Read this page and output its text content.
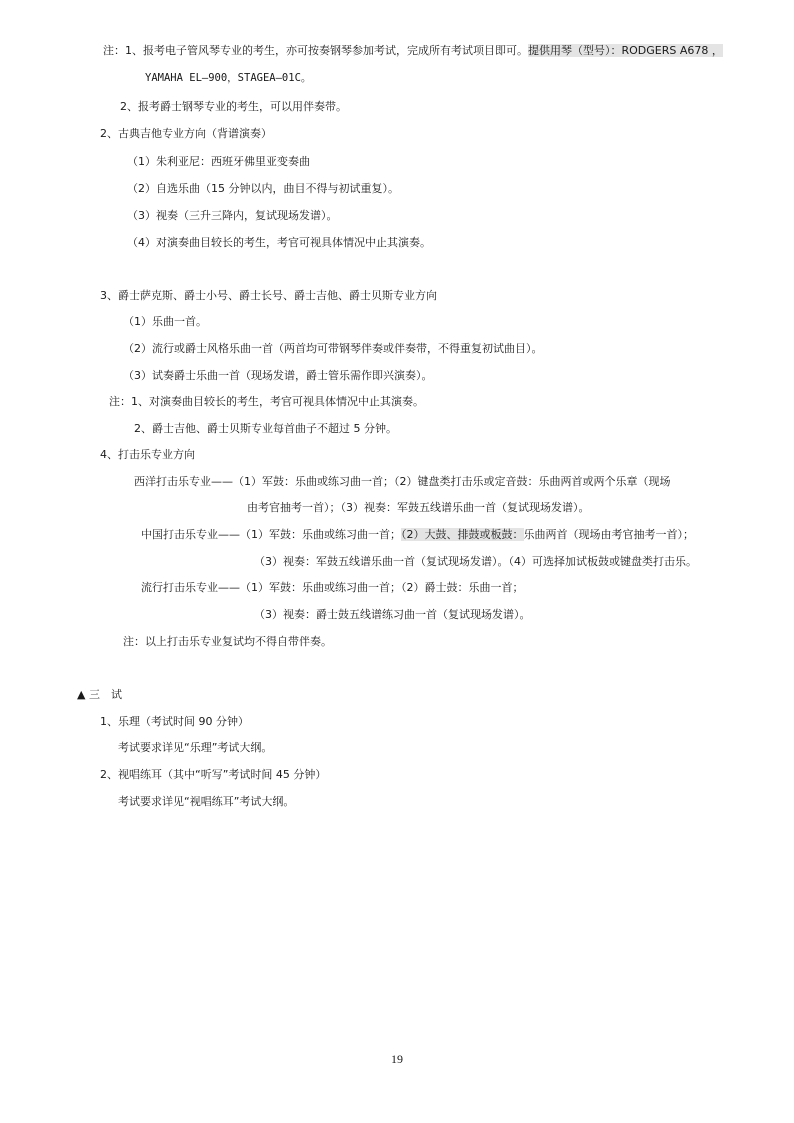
注：1、报考电子管风琴专业的考生，亦可按奏钢琴参加考试，完成所有考试项目即可。提供用琴（型号）：RODGERS A678 ，
YAMAHA EL—900，STAGEA—01C。
2、报考爵士钢琴专业的考生，可以用伴奏带。
2、古典吉他专业方向（背谱演奏）
（1）朱利亚尼：西班牙佛里亚变奏曲
（2）自选乐曲（15 分钟以内，曲目不得与初试重复）。
（3）视奏（三升三降内，复试现场发谱）。
（4）对演奏曲目较长的考生，考官可视具体情况中止其演奏。
3、爵士萨克斯、爵士小号、爵士长号、爵士吉他、爵士贝斯专业方向
（1）乐曲一首。
（2）流行或爵士风格乐曲一首（两首均可带钢琴伴奏或伴奏带，不得重复初试曲目）。
（3）试奏爵士乐曲一首（现场发谱，爵士管乐需作即兴演奏）。
注：1、对演奏曲目较长的考生，考官可视具体情况中止其演奏。
2、爵士吉他、爵士贝斯专业每首曲子不超过 5 分钟。
4、打击乐专业方向
西洋打击乐专业——（1）军鼓：乐曲或练习曲一首；（2）键盘类打击乐或定音鼓：乐曲两首或两个乐章（现场
由考官抽考一首）；（3）视奏：军鼓五线谱乐曲一首（复试现场发谱）。
中国打击乐专业——（1）军鼓：乐曲或练习曲一首；（2）大鼓、排鼓或板鼓：乐曲两首（现场由考官抽考一首）；
（3）视奏：军鼓五线谱乐曲一首（复试现场发谱）。（4）可选择加试板鼓或键盘类打击乐。
流行打击乐专业——（1）军鼓：乐曲或练习曲一首；（2）爵士鼓：乐曲一首；
（3）视奏：爵士鼓五线谱练习曲一首（复试现场发谱）。
注：以上打击乐专业复试均不得自带伴奏。
▲ 三　试
1、乐理（考试时间 90 分钟）
考试要求详见“乐理”考试大纲。
2、视唱练耳（其中“听写”考试时间 45 分钟）
考试要求详见“视唱练耳”考试大纲。
19
